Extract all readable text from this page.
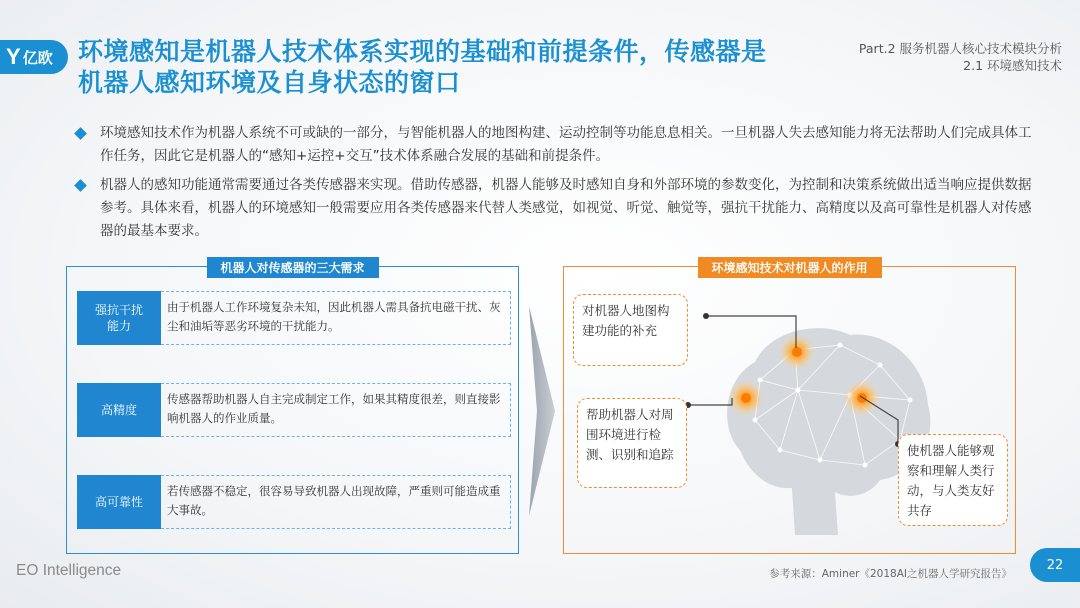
Y 亿欧 环境感知是机器人技术体系实现的基础和前提条件，传感器是
机器人感知环境及自身状态的窗口
Part.2 服务机器人核心技术模块分析
2.1 环境感知技术
环境感知技术作为机器人系统不可或缺的一部分，与智能机器人的地图构建、运动控制等功能息息相关。一旦机器人失去感知能力将无法帮助人们完成具体工作任务，因此它是机器人的“感知+运控+交互”技术体系融合发展的基础和前提条件。
机器人的感知功能通常需要通过各类传感器来实现。借助传感器，机器人能够及时感知自身和外部环境的参数变化，为控制和决策系统做出适当响应提供数据参考。具体来看，机器人的环境感知一般需要应用各类传感器来代替人类感觉，如视觉、听觉、触觉等，强抗干扰能力、高精度以及高可靠性是机器人对传感器的最基本要求。
机器人对传感器的三大需求
强抗干扰
能力
由于机器人工作环境复杂未知，因此机器人需具备抗电磁干扰、灰尘和油垢等恶劣环境的干扰能力。
高精度
传感器帮助机器人自主完成制定工作，如果其精度很差，则直接影响机器人的作业质量。
高可靠性
若传感器不稳定，很容易导致机器人出现故障，严重则可能造成重大事故。
环境感知技术对机器人的作用
对机器人地图构建功能的补充
帮助机器人对周围环境进行检测、识别和追踪	使机器人能够观察和理解人类行动，与人类友好共存
EO Intelligence	参考来源：Aminer《2018AI之机器人学研究报告》
22
